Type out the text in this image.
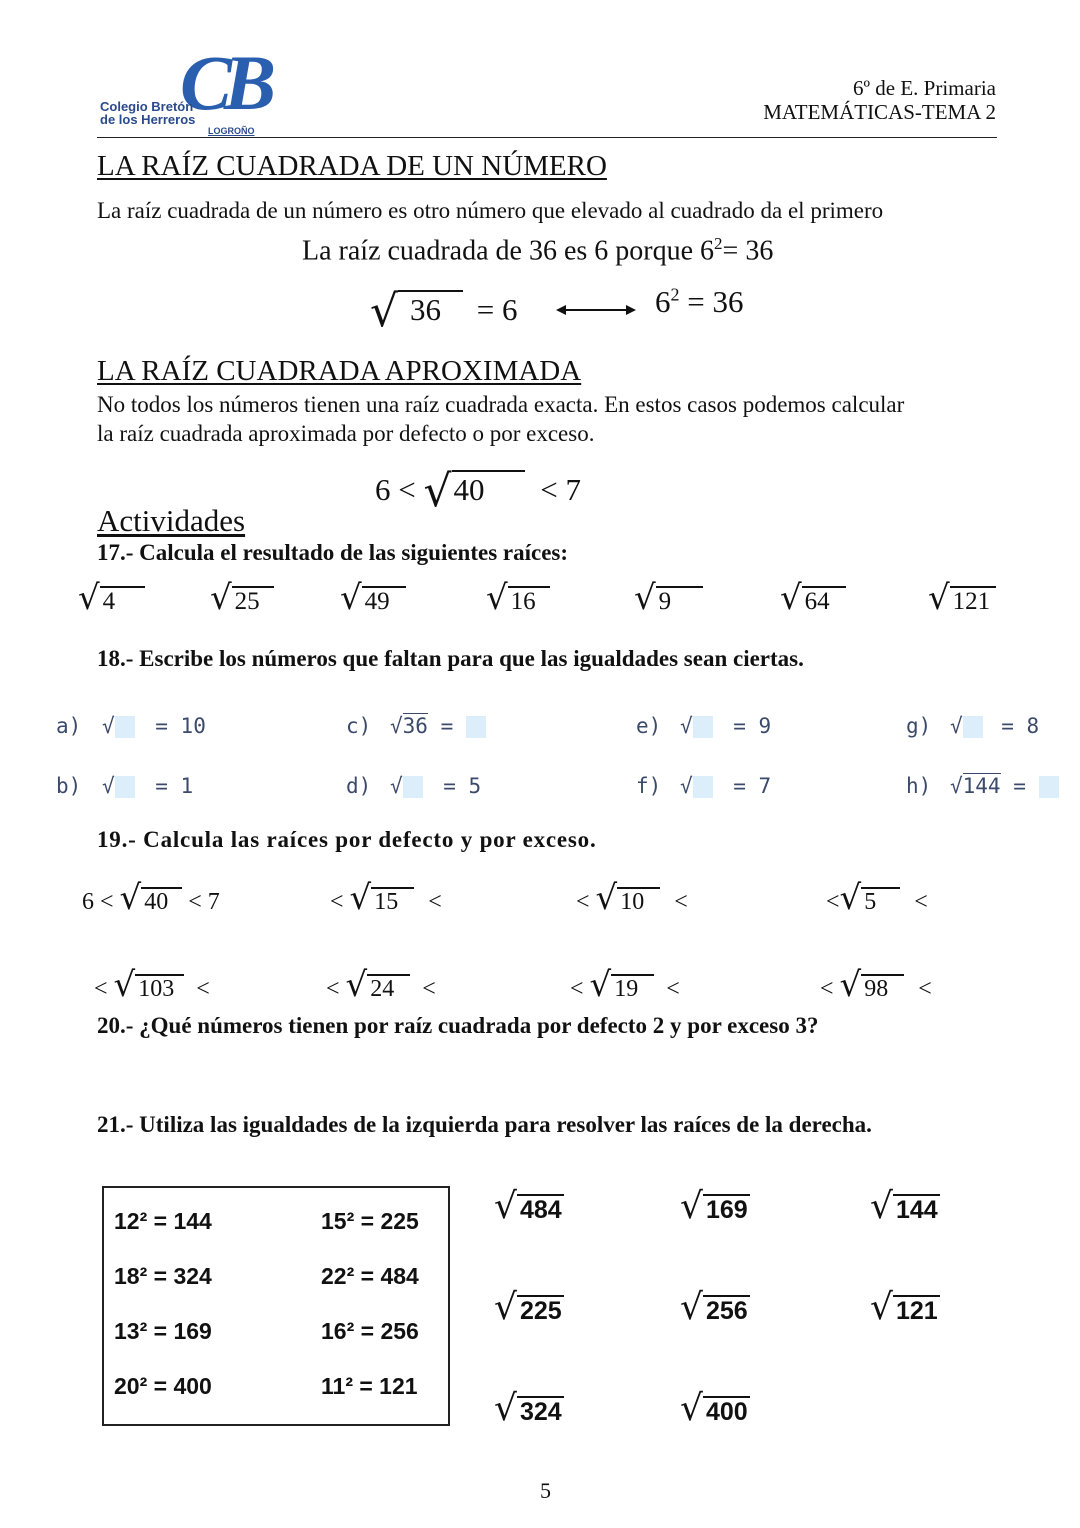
CB
Colegio Bretón
de los Herreros
LOGROÑO
6º de E. Primaria
MATEMÁTICAS-TEMA 2
LA RAÍZ CUADRADA DE UN NÚMERO
La raíz cuadrada de un número es otro número que elevado al cuadrado da el primero
La raíz cuadrada de 36 es 6 porque $6^2= 36$
√ 36 = 6	$6^2 = 36$
LA RAÍZ CUADRADA APROXIMADA
No todos los números tienen una raíz cuadrada exacta. En estos casos podemos calcular
la raíz cuadrada aproximada por defecto o por exceso.
6 < √40 < 7
Actividades
17.- Calcula el resultado de las siguientes raíces:
√ 4	√ 25	√ 49	√ 16	√ 9	√ 64	√ 121
18.- Escribe los números que faltan para que las igualdades sean ciertas.
a) √ = 10	c) √36 =	e) √ = 9	g) √ = 8
b) √ = 1	d) √ = 5	f) √ = 7	h) √144 =
19.- Calcula las raíces por defecto y por exceso.
6 < √ 40 < 7	< √ 15 <	< √ 10 <	<√ 5 <
< √ 103 <	< √ 24 <	< √ 19 <	< √ 98 <
20.- ¿Qué números tienen por raíz cuadrada por defecto 2 y por exceso 3?
21.- Utiliza las igualdades de la izquierda para resolver las raíces de la derecha.
12² = 144	15² = 225
18² = 324	22² = 484
13² = 169	16² = 256
20² = 400	11² = 121
√ 484	√ 169	√ 144
√ 225	√ 256	√ 121
√ 324	√ 400
5
